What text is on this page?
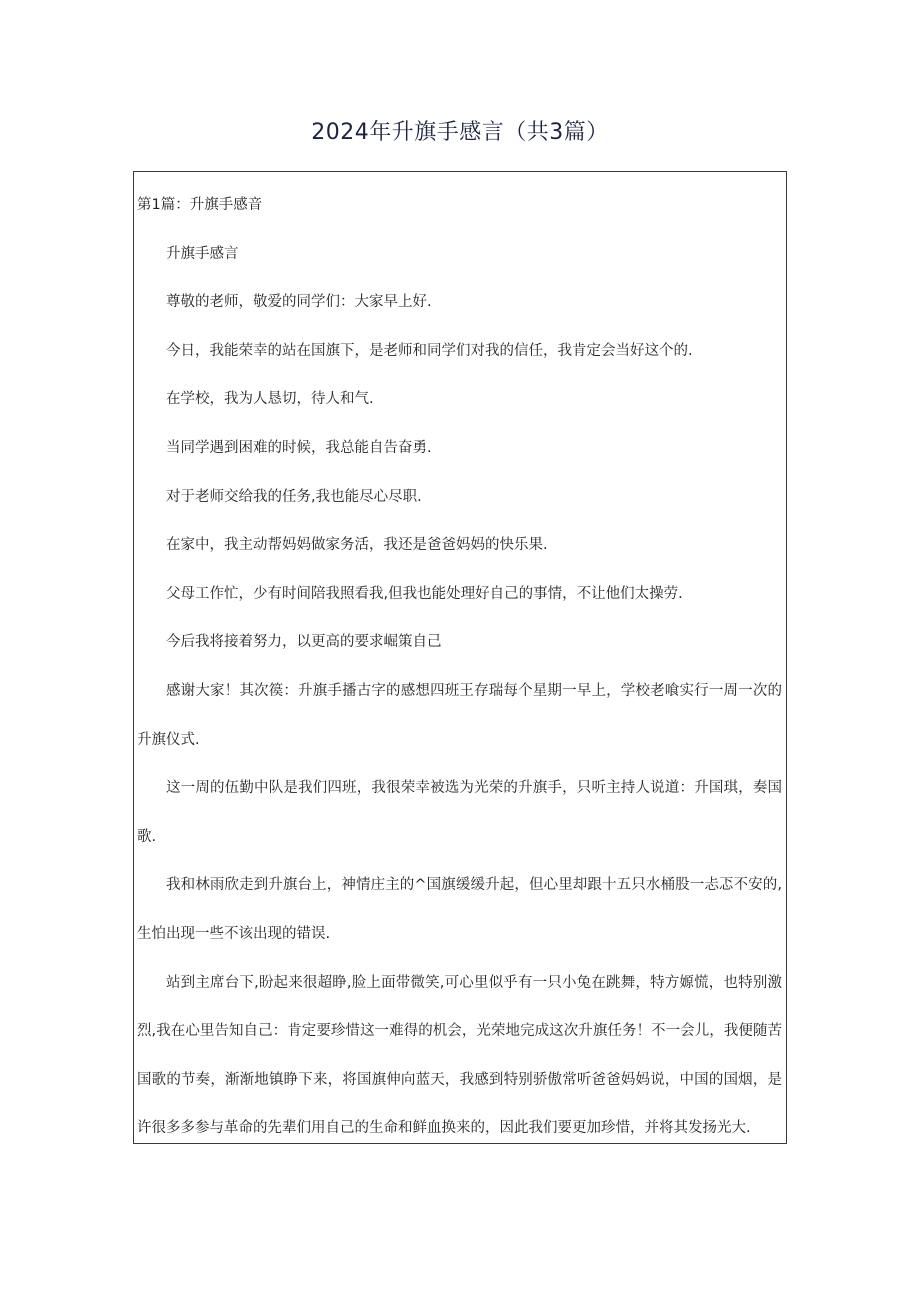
2024年升旗手感言（共3篇）
第1篇：升旗手感音
升旗手感言
尊敬的老师，敬爱的同学们：大家早上好.
今日，我能荣幸的站在国旗下，是老师和同学们对我的信任，我肯定会当好这个的.
在学校，我为人恳切，待人和气.
当同学遇到困难的时候，我总能自告奋勇.
对于老师交给我的任务,我也能尽心尽职.
在家中，我主动帮妈妈做家务活，我还是爸爸妈妈的快乐果.
父母工作忙，少有时间陪我照看我,但我也能处理好自己的事情，不让他们太操劳.
今后我将接着努力，以更高的要求崛策自己
感谢大家！其次篌：升旗手播古字的感想四班王存瑞每个星期一早上，学校老喰实行一周一次的
升旗仪式.
这一周的伍勤中队是我们四班，我很荣幸被选为光荣的升旗手，只听主持人说道：升国琪，奏国
歌.
我和林雨欣走到升旗台上，神情庄主的^国旗缓缓升起，但心里却跟十五只水桶股一忐忑不安的,
生怕出现一些不该出现的错误.
站到主席台下,盼起来很超睁,脸上面带微笑,可心里似乎有一只小兔在跳舞，特方嫄慌，也特别激
烈,我在心里告知自己：肯定要珍惜这一难得的机会，光荣地完成这次升旗任务！不一会儿，我便随苦
国歌的节奏，渐渐地镇睁下来，将国旗伸向蓝天，我感到特别骄傲常听爸爸妈妈说，中国的国烟，是
许很多多参与革命的先辈们用自己的生命和鲜血换来的，因此我们要更加珍惜，并将其发扬光大.
